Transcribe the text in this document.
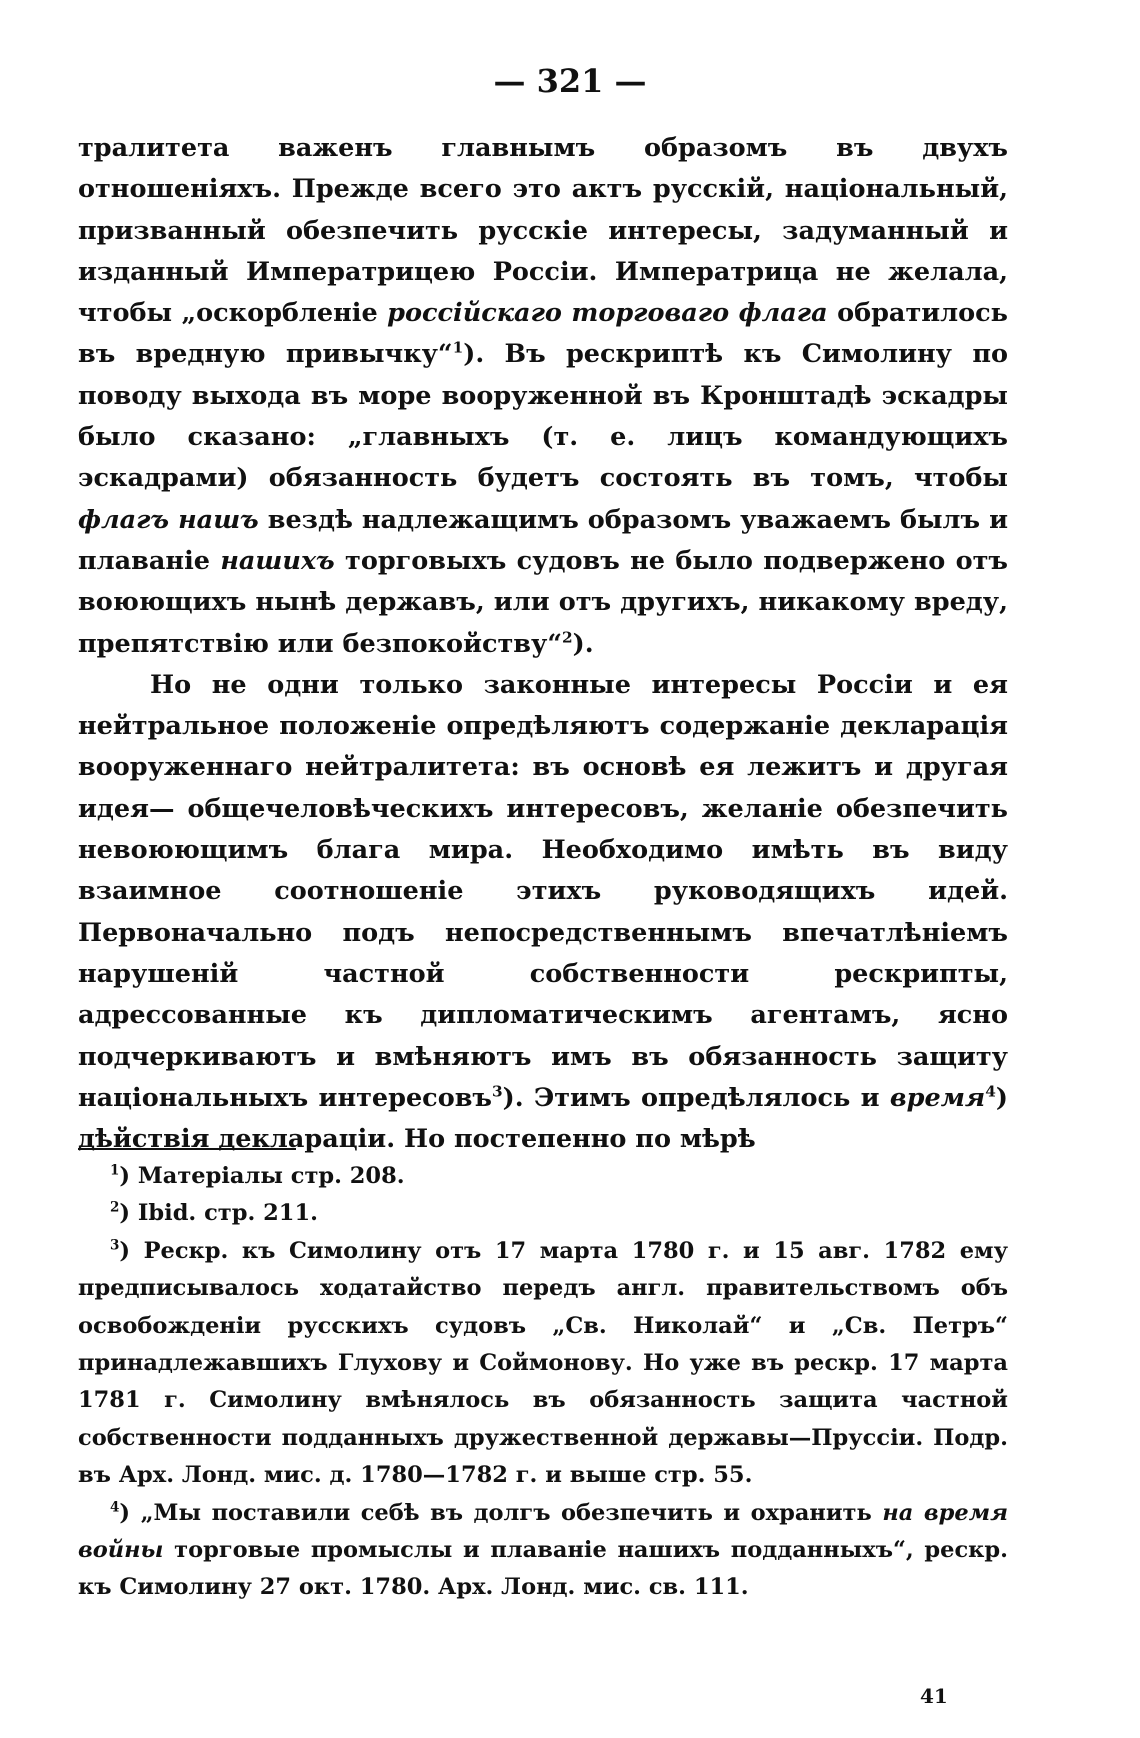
— 321 —

тралитета важенъ главнымъ образомъ въ двухъ отношеніяхъ. Прежде всего это актъ русскій, національный, призванный обезпечить русскіе интересы, задуманный и изданный Императрицею Россіи. Императрица не желала, чтобы „оскорбленіе россійскаго торговаго флага обратилось въ вредную привычку“$^1$). Въ рескриптѣ къ Симолину по поводу выхода въ море вооруженной въ Кронштадѣ эскадры было сказано: „главныхъ (т. е. лицъ командующихъ эскадрами) обязанность будетъ состоять въ томъ, чтобы флагъ нашъ вездѣ надлежащимъ образомъ уважаемъ былъ и плаваніе нашихъ торговыхъ судовъ не было подвержено отъ воюющихъ нынѣ державъ, или отъ другихъ, никакому вреду, препятствію или безпокойству“$^2$).

Но не одни только законные интересы Россіи и ея нейтральное положеніе опредѣляютъ содержаніе декларація вооруженнаго нейтралитета: въ основѣ ея лежитъ и другая идея— общечеловѣческихъ интересовъ, желаніе обезпечить невоюющимъ блага мира. Необходимо имѣть въ виду взаимное соотношеніе этихъ руководящихъ идей. Первоначально подъ непосредственнымъ впечатлѣніемъ нарушеній частной собственности рескрипты, адрессованные къ дипломатическимъ агентамъ, ясно подчеркиваютъ и вмѣняютъ имъ въ обязанность защиту національныхъ интересовъ$^3$). Этимъ опредѣлялось и время$^4$) дѣйствія деклараціи. Но постепенно по мѣрѣ

$^1$) Матеріалы стр. 208.

$^2$) Ibid. стр. 211.

$^3$) Рескр. къ Симолину отъ 17 марта 1780 г. и 15 авг. 1782 ему предписывалось ходатайство передъ англ. правительствомъ объ освобожденіи русскихъ судовъ „Св. Николай“ и „Св. Петръ“ принадлежавшихъ Глухову и Соймонову. Но уже въ рескр. 17 марта 1781 г. Симолину вмѣнялось въ обязанность защита частной собственности подданныхъ дружественной державы—Пруссіи. Подр. въ Арх. Лонд. мис. д. 1780—1782 г. и выше стр. 55.

$^4$) „Мы поставили себѣ въ долгъ обезпечить и охранить на время войны торговые промыслы и плаваніе нашихъ подданныхъ“, рескр. къ Симолину 27 окт. 1780. Арх. Лонд. мис. св. 111.

41
